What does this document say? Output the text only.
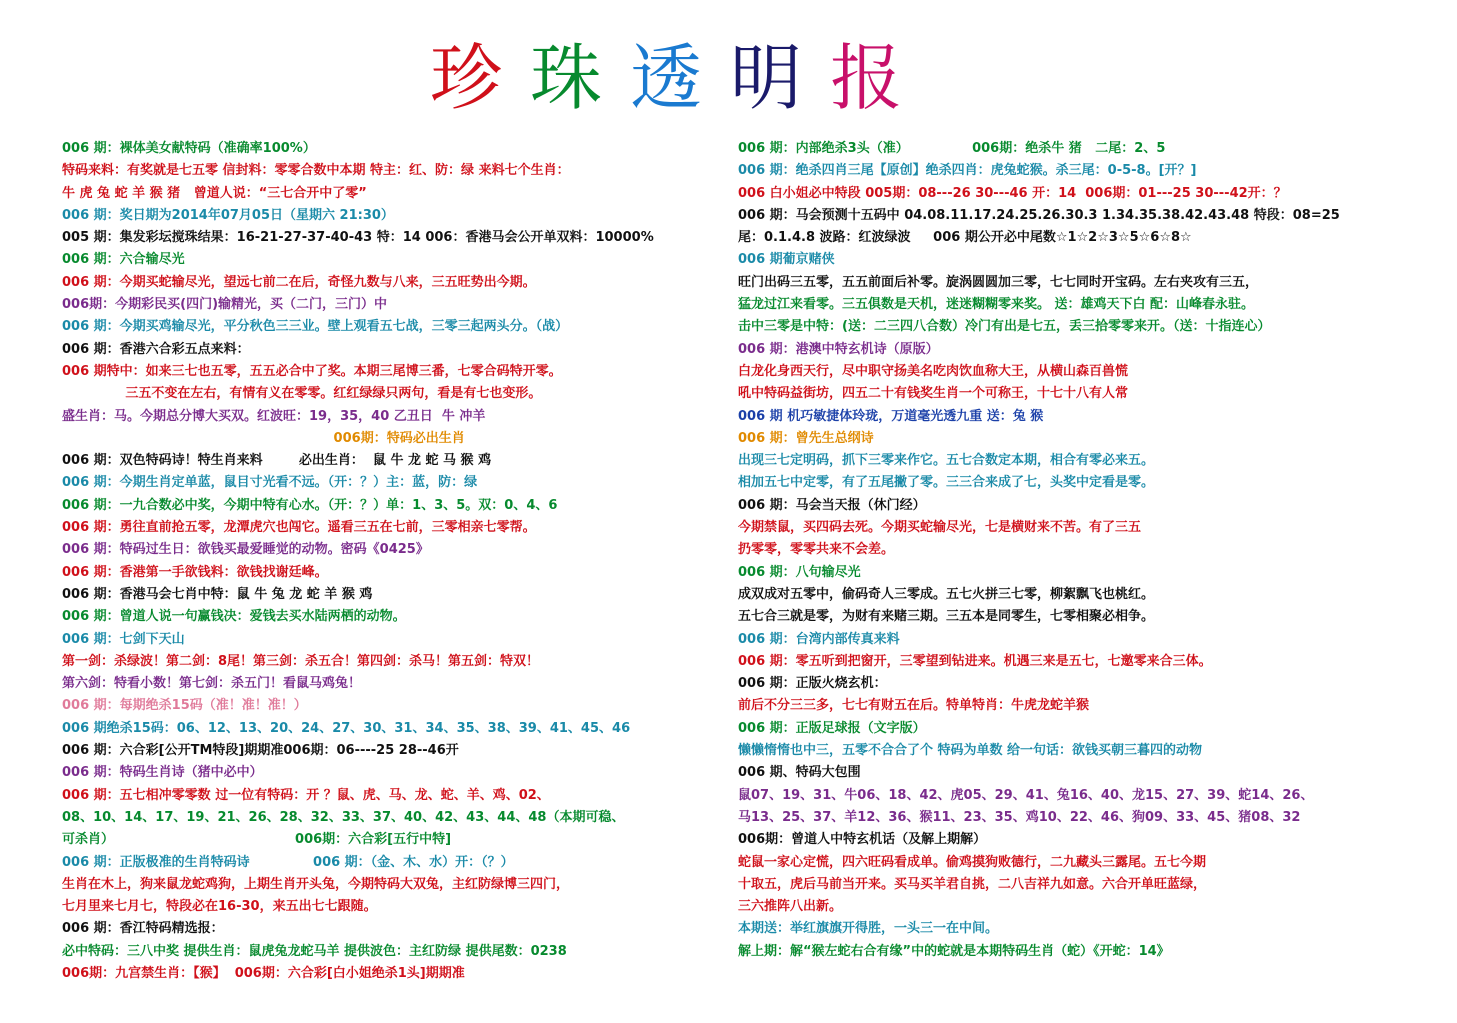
珍 珠 透 明 报
006 期：裸体美女献特码（准确率100%）
特码来料：有奖就是七五零 信封料：零零合数中本期 特主：红、防：绿 来料七个生肖：
牛 虎 兔 蛇 羊 猴 猪   曾道人说：“三七合开中了零”
006 期：奖日期为2014年07月05日（星期六 21:30）
005 期：集发彩坛搅珠结果：16-21-27-37-40-43 特：14 006：香港马会公开单双料：10000%
006 期：六合输尽光
006 期：今期买蛇输尽光，望远七前二在后，奇怪九数与八来，三五旺势出今期。
006期：今期彩民买(四门)输精光，买（二门，三门）中
006 期：今期买鸡输尽光，平分秋色三三业。壁上观看五七战，三零三起两头分。（战）
006 期：香港六合彩五点来料：
006 期特中：如来三七也五零，五五必合中了奖。本期三尾博三番，七零合码特开零。
三五不变在左右，有情有义在零零。红红绿绿只两句，看是有七也变形。
盛生肖：马。今期总分博大买双。红波旺：19，35，40 乙丑日  牛 冲羊
006期：特码必出生肖
006 期：双色特码诗！特生肖来料        必出生肖：  鼠 牛 龙 蛇 马 猴 鸡
006 期：今期生肖定单蓝，鼠目寸光看不远。（开：？）主：蓝，防：绿
006 期：一九合数必中奖，今期中特有心水。（开：？）单：1、3、5。双：0、4、6
006 期：勇往直前抢五零，龙潭虎穴也闯它。遥看三五在七前，三零相亲七零帮。
006 期：特码过生日：欲钱买最爱睡觉的动物。密码《0425》
006 期：香港第一手欲钱料：欲钱找谢廷峰。
006 期：香港马会七肖中特：鼠 牛 兔 龙 蛇 羊 猴 鸡
006 期：曾道人说一句赢钱决：爱钱去买水陆两栖的动物。
006 期：七剑下天山
第一剑：杀绿波！第二剑：8尾！第三剑：杀五合！第四剑：杀马！第五剑：特双！
第六剑：特看小数！第七剑：杀五门！看鼠马鸡兔！
006 期：每期绝杀15码（准！准！准！）
006 期绝杀15码：06、12、13、20、24、27、30、31、34、35、38、39、41、45、46
006 期：六合彩[公开TM特段]期期准006期：06----25 28--46开
006 期：特码生肖诗（猪中必中）
006 期：五七相冲零零数 过一位有特码：开 ？鼠、虎、马、龙、蛇、羊、鸡、02、
08、10、14、17、19、21、26、28、32、33、37、40、42、43、44、48（本期可稳、
可杀肖）                                        006期：六合彩[五行中特]
006 期：正版极准的生肖特码诗              006 期：（金、木、水）开：（？）
生肖在木上，狗来鼠龙蛇鸡狗，上期生肖开头兔，今期特码大双兔，主红防绿博三四门，
七月里来七月七，特段必在16-30，来五出七七跟随。
006 期：香江特码精选报：
必中特码：三八中奖 提供生肖：鼠虎兔龙蛇马羊 提供波色：主红防绿 提供尾数：0238
006期：九宫禁生肖：【猴】  006期：六合彩[白小姐绝杀1头]期期准
006 期：内部绝杀3头（准）              006期：绝杀牛 猪   二尾：2、5
006 期：绝杀四肖三尾【原创】绝杀四肖：虎兔蛇猴。杀三尾：0-5-8。[开？]
006 白小姐必中特段 005期：08---26 30---46 开：14  006期：01---25 30---42开：？
006 期：马会预测十五码中 04.08.11.17.24.25.26.30.3 1.34.35.38.42.43.48 特段：08=25
尾：0.1.4.8 波路：红波绿波     006 期公开必中尾数☆1☆2☆3☆5☆6☆8☆
006 期葡京赌侠
旺门出码三五零，五五前面后补零。旋涡圆圆加三零，七七同时开宝码。左右夹攻有三五，
猛龙过江来看零。三五俱数是天机，迷迷糊糊零来奖。 送：雄鸡天下白 配：山峰春永驻。
击中三零是中特：(送：二三四八合数）冷门有出是七五，丢三拾零零来开。（送：十指连心）
006 期：港澳中特玄机诗（原版）
白龙化身西天行，尽中职守扬美名吃肉饮血称大王，从横山森百兽慌
吼中特码益街坊，四五二十有钱奖生肖一个可称王，十七十八有人常
006 期 机巧敏捷体玲珑，万道毫光透九重 送：兔 猴
006 期：曾先生总纲诗
出现三七定明码，抓下三零来作它。五七合数定本期，相合有零必来五。
相加五七中定零，有了五尾撇了零。三三合来成了七，头奖中定看是零。
006 期：马会当天报（休门经）
今期禁鼠，买四码去死。今期买蛇输尽光，七是横财来不苦。有了三五
扔零零，零零共来不会差。
006 期：八句输尽光
成双成对五零中，偷码奇人三零成。五七火拼三七零，柳絮飘飞也桃红。
五七合三就是零，为财有来赌三期。三五本是同零生，七零相聚必相争。
006 期：台湾内部传真来料
006 期：零五听到把窗开，三零望到钻进来。机遇三来是五七，七邀零来合三体。
006 期：正版火烧玄机：
前后不分三三多，七七有财五在后。特单特肖：牛虎龙蛇羊猴
006 期：正版足球报（文字版）
懒懒惰惰也中三，五零不合合了个 特码为单数 给一句话：欲钱买朝三暮四的动物
006 期、特码大包围
鼠07、19、31、牛06、18、42、虎05、29、41、兔16、40、龙15、27、39、蛇14、26、
马13、25、37、羊12、36、猴11、23、35、鸡10、22、46、狗09、33、45、猪08、32
006期：曾道人中特玄机话（及解上期解）
蛇鼠一家心定慌，四六旺码看成单。偷鸡摸狗败德行，二九藏头三露尾。五七今期
十取五，虎后马前当开来。买马买羊君自挑，二八吉祥九如意。六合开单旺蓝绿，
三六推阵八出新。
本期送：举红旗旗开得胜，一头三一在中间。
解上期：解“猴左蛇右合有缘”中的蛇就是本期特码生肖（蛇）《开蛇：14》
